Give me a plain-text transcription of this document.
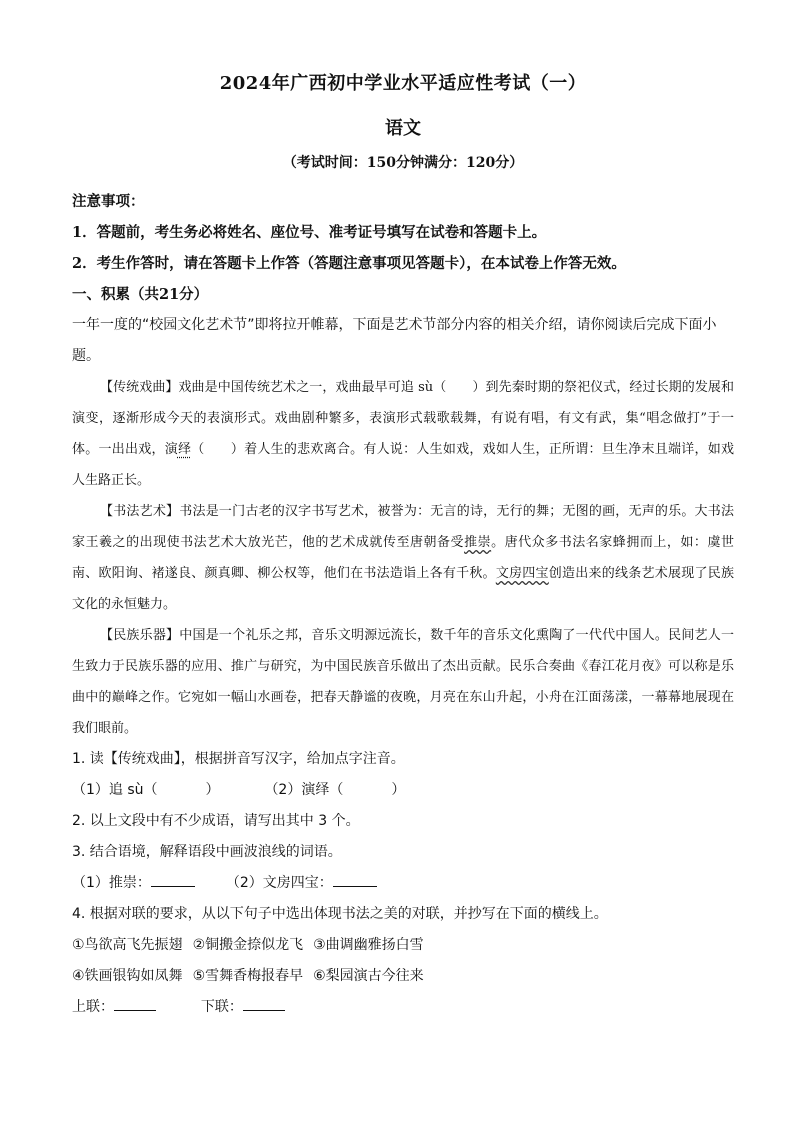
2024年广西初中学业水平适应性考试（一）
语文
（考试时间：150分钟满分：120分）
注意事项：
1．答题前，考生务必将姓名、座位号、准考证号填写在试卷和答题卡上。
2．考生作答时，请在答题卡上作答（答题注意事项见答题卡），在本试卷上作答无效。
一、积累（共21分）
一年一度的“校园文化艺术节”即将拉开帷幕，下面是艺术节部分内容的相关介绍，请你阅读后完成下面小题。

【传统戏曲】戏曲是中国传统艺术之一，戏曲最早可追 sù（　　）到先秦时期的祭祀仪式，经过长期的发展和演变，逐渐形成今天的表演形式。戏曲剧种繁多，表演形式载歌载舞，有说有唱，有文有武，集“唱念做打”于一体。一出出戏，演绎（　　）着人生的悲欢离合。有人说：人生如戏，戏如人生，正所谓：旦生净末且端详，如戏人生路正长。

【书法艺术】书法是一门古老的汉字书写艺术，被誉为：无言的诗，无行的舞；无图的画，无声的乐。大书法家王羲之的出现使书法艺术大放光芒，他的艺术成就传至唐朝备受推崇。唐代众多书法名家蜂拥而上，如：虞世南、欧阳询、褚遂良、颜真卿、柳公权等，他们在书法造诣上各有千秋。文房四宝创造出来的线条艺术展现了民族文化的永恒魅力。

【民族乐器】中国是一个礼乐之邦，音乐文明源远流长，数千年的音乐文化熏陶了一代代中国人。民间艺人一生致力于民族乐器的应用、推广与研究，为中国民族音乐做出了杰出贡献。民乐合奏曲《春江花月夜》可以称是乐曲中的巅峰之作。它宛如一幅山水画卷，把春天静谧的夜晚，月亮在东山升起，小舟在江面荡漾，一幕幕地展现在我们眼前。

1. 读【传统戏曲】，根据拼音写汉字，给加点字注音。
（1）追 sù（	）	（2）演绎（	）
2. 以上文段中有不少成语，请写出其中 3 个。
3. 结合语境，解释语段中画波浪线的词语。
（1）推崇：	（2）文房四宝：
4. 根据对联的要求，从以下句子中选出体现书法之美的对联，并抄写在下面的横线上。
①鸟欲高飞先振翅 ②铜搬金捺似龙飞 ③曲调幽雅扬白雪
④铁画银钩如凤舞 ⑤雪舞香梅报春早 ⑥梨园演古今往来
上联：	下联：
